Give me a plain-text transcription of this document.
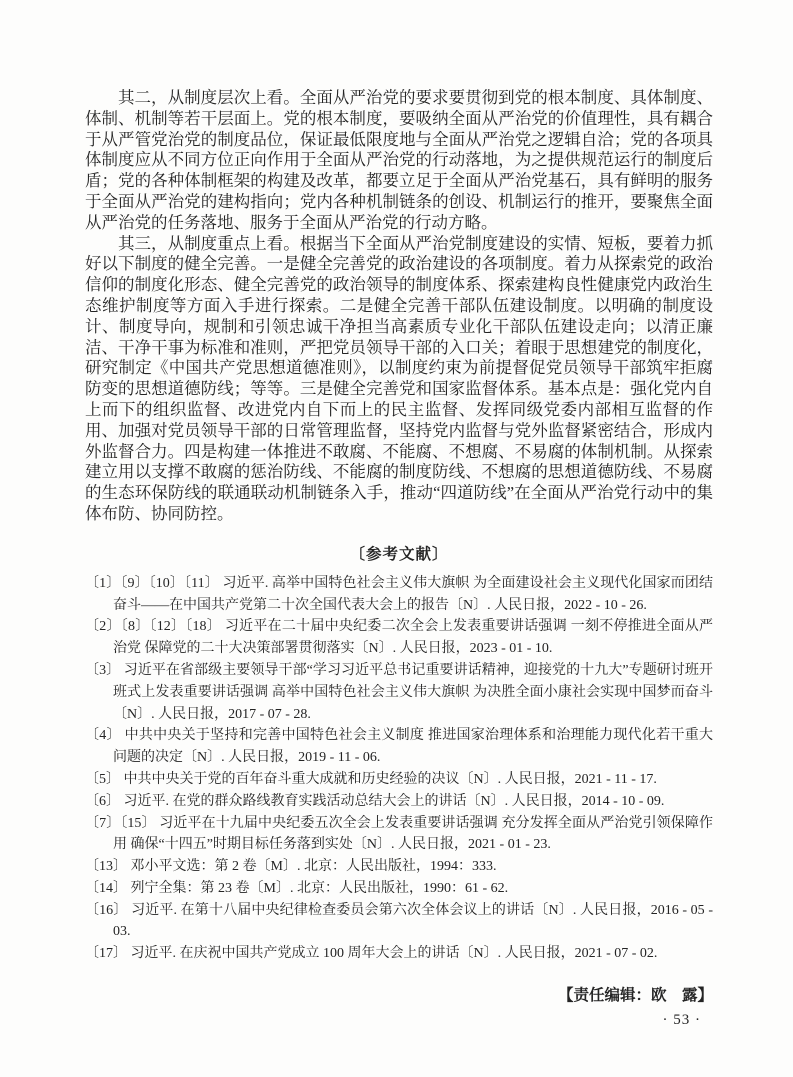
其二，从制度层次上看。全面从严治党的要求要贯彻到党的根本制度、具体制度、体制、机制等若干层面上。党的根本制度，要吸纳全面从严治党的价值理性，具有耦合于从严管党治党的制度品位，保证最低限度地与全面从严治党之逻辑自洽；党的各项具体制度应从不同方位正向作用于全面从严治党的行动落地，为之提供规范运行的制度后盾；党的各种体制框架的构建及改革，都要立足于全面从严治党基石，具有鲜明的服务于全面从严治党的建构指向；党内各种机制链条的创设、机制运行的推开，要聚焦全面从严治党的任务落地、服务于全面从严治党的行动方略。

其三，从制度重点上看。根据当下全面从严治党制度建设的实情、短板，要着力抓好以下制度的健全完善。一是健全完善党的政治建设的各项制度。着力从探索党的政治信仰的制度化形态、健全完善党的政治领导的制度体系、探索建构良性健康党内政治生态维护制度等方面入手进行探索。二是健全完善干部队伍建设制度。以明确的制度设计、制度导向，规制和引领忠诚干净担当高素质专业化干部队伍建设走向；以清正廉洁、干净干事为标准和准则，严把党员领导干部的入口关；着眼于思想建党的制度化，研究制定《中国共产党思想道德准则》，以制度约束为前提督促党员领导干部筑牢拒腐防变的思想道德防线；等等。三是健全完善党和国家监督体系。基本点是：强化党内自上而下的组织监督、改进党内自下而上的民主监督、发挥同级党委内部相互监督的作用、加强对党员领导干部的日常管理监督，坚持党内监督与党外监督紧密结合，形成内外监督合力。四是构建一体推进不敢腐、不能腐、不想腐、不易腐的体制机制。从探索建立用以支撑不敢腐的惩治防线、不能腐的制度防线、不想腐的思想道德防线、不易腐的生态环保防线的联通联动机制链条入手，推动“四道防线”在全面从严治党行动中的集体布防、协同防控。

〔参考文献〕

〔1〕〔9〕〔10〕〔11〕 习近平. 高举中国特色社会主义伟大旗帜 为全面建设社会主义现代化国家而团结奋斗——在中国共产党第二十次全国代表大会上的报告〔N〕. 人民日报，2022 - 10 - 26.

〔2〕〔8〕〔12〕〔18〕 习近平在二十届中央纪委二次全会上发表重要讲话强调 一刻不停推进全面从严治党 保障党的二十大决策部署贯彻落实〔N〕. 人民日报，2023 - 01 - 10.

〔3〕 习近平在省部级主要领导干部“学习习近平总书记重要讲话精神，迎接党的十九大”专题研讨班开班式上发表重要讲话强调 高举中国特色社会主义伟大旗帜 为决胜全面小康社会实现中国梦而奋斗〔N〕. 人民日报，2017 - 07 - 28.

〔4〕 中共中央关于坚持和完善中国特色社会主义制度 推进国家治理体系和治理能力现代化若干重大问题的决定〔N〕. 人民日报，2019 - 11 - 06.

〔5〕 中共中央关于党的百年奋斗重大成就和历史经验的决议〔N〕. 人民日报，2021 - 11 - 17.

〔6〕 习近平. 在党的群众路线教育实践活动总结大会上的讲话〔N〕. 人民日报，2014 - 10 - 09.

〔7〕〔15〕 习近平在十九届中央纪委五次全会上发表重要讲话强调 充分发挥全面从严治党引领保障作用 确保“十四五”时期目标任务落到实处〔N〕. 人民日报，2021 - 01 - 23.

〔13〕 邓小平文选：第 2 卷〔M〕. 北京：人民出版社，1994：333.

〔14〕 列宁全集：第 23 卷〔M〕. 北京：人民出版社，1990：61 - 62.

〔16〕 习近平. 在第十八届中央纪律检查委员会第六次全体会议上的讲话〔N〕. 人民日报，2016 - 05 - 03.

〔17〕 习近平. 在庆祝中国共产党成立 100 周年大会上的讲话〔N〕. 人民日报，2021 - 07 - 02.

【责任编辑：欧　露】

· 53 ·
